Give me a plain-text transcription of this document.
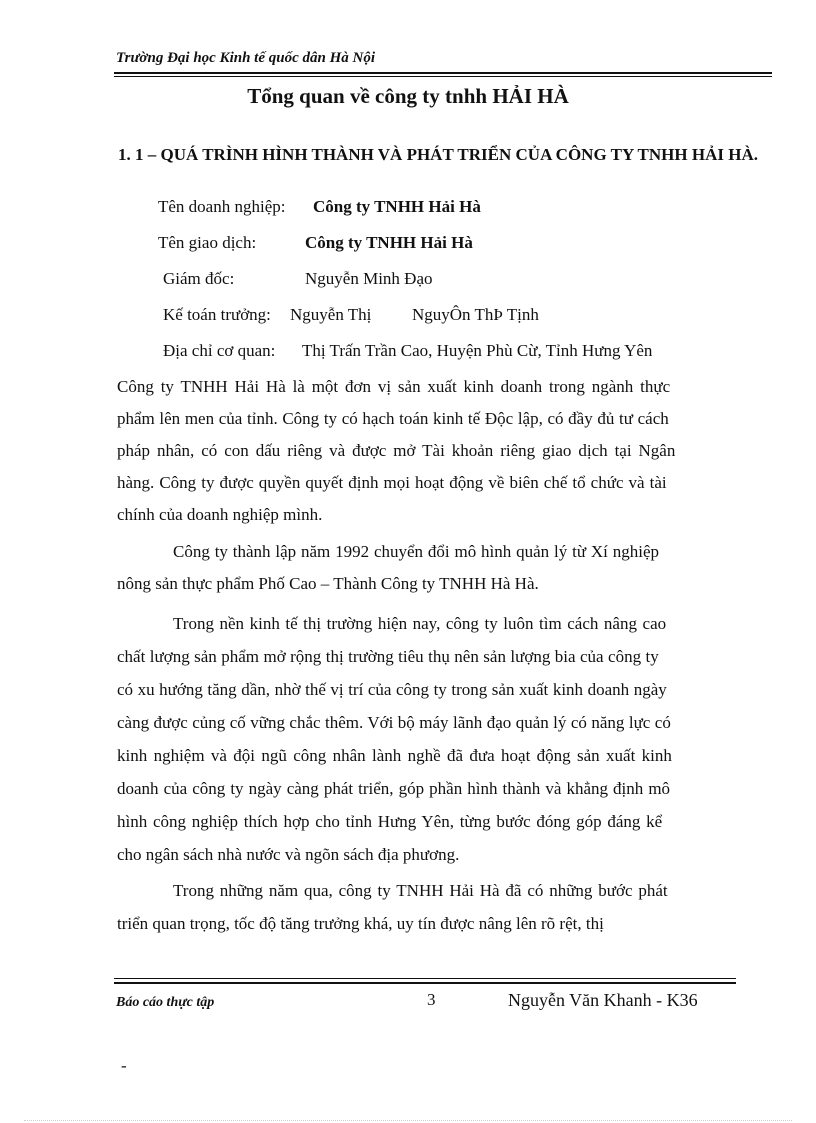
Trường Đại học Kinh tế quốc dân Hà Nội
Tổng quan về công ty tnhh HẢI HÀ
1. 1 – QUÁ TRÌNH HÌNH THÀNH VÀ PHÁT TRIỂN CỦA CÔNG TY TNHH HẢI HÀ.
Tên doanh nghiệp: Công ty TNHH Hải Hà
Tên giao dịch:	Công ty TNHH Hải Hà
Giám đốc:	Nguyễn Minh Đạo
Kế toán trưởng: Nguyễn Thị NguyÔn ThÞ Tịnh
Địa chỉ cơ quan: Thị Trấn Trần Cao, Huyện Phù Cừ, Tỉnh Hưng Yên
Công ty TNHH Hải Hà là một đơn vị sản xuất kinh doanh trong ngành thực
phẩm lên men của tỉnh. Công ty có hạch toán kinh tế Độc lập, có đầy đủ tư cách
pháp nhân, có con dấu riêng và được mở Tài khoản riêng giao dịch tại Ngân
hàng. Công ty được quyền quyết định mọi hoạt động về biên chế tổ chức và tài
chính của doanh nghiệp mình.
Công ty thành lập năm 1992 chuyển đổi mô hình quản lý từ Xí nghiệp
nông sản thực phẩm Phố Cao – Thành Công ty TNHH Hà Hà.
Trong nền kinh tế thị trường hiện nay, công ty luôn tìm cách nâng cao
chất lượng sản phẩm mở rộng thị trường tiêu thụ nên sản lượng bia của công ty
có xu hướng tăng dần, nhờ thế vị trí của công ty trong sản xuất kinh doanh ngày
càng được củng cố vững chắc thêm. Với bộ máy lãnh đạo quản lý có năng lực có
kinh nghiệm và đội ngũ công nhân lành nghề đã đưa hoạt động sản xuất kinh
doanh của công ty ngày càng phát triển, góp phần hình thành và khẳng định mô
hình công nghiệp thích hợp cho tỉnh Hưng Yên, từng bước đóng góp đáng kể
cho ngân sách nhà nước và ngõn sách địa phương.
Trong những năm qua, công ty TNHH Hải Hà đã có những bước phát
triển quan trọng, tốc độ tăng trưởng khá, uy tín được nâng lên rõ rệt, thị
Báo cáo thực tập	3	Nguyễn Văn Khanh - K36
-
